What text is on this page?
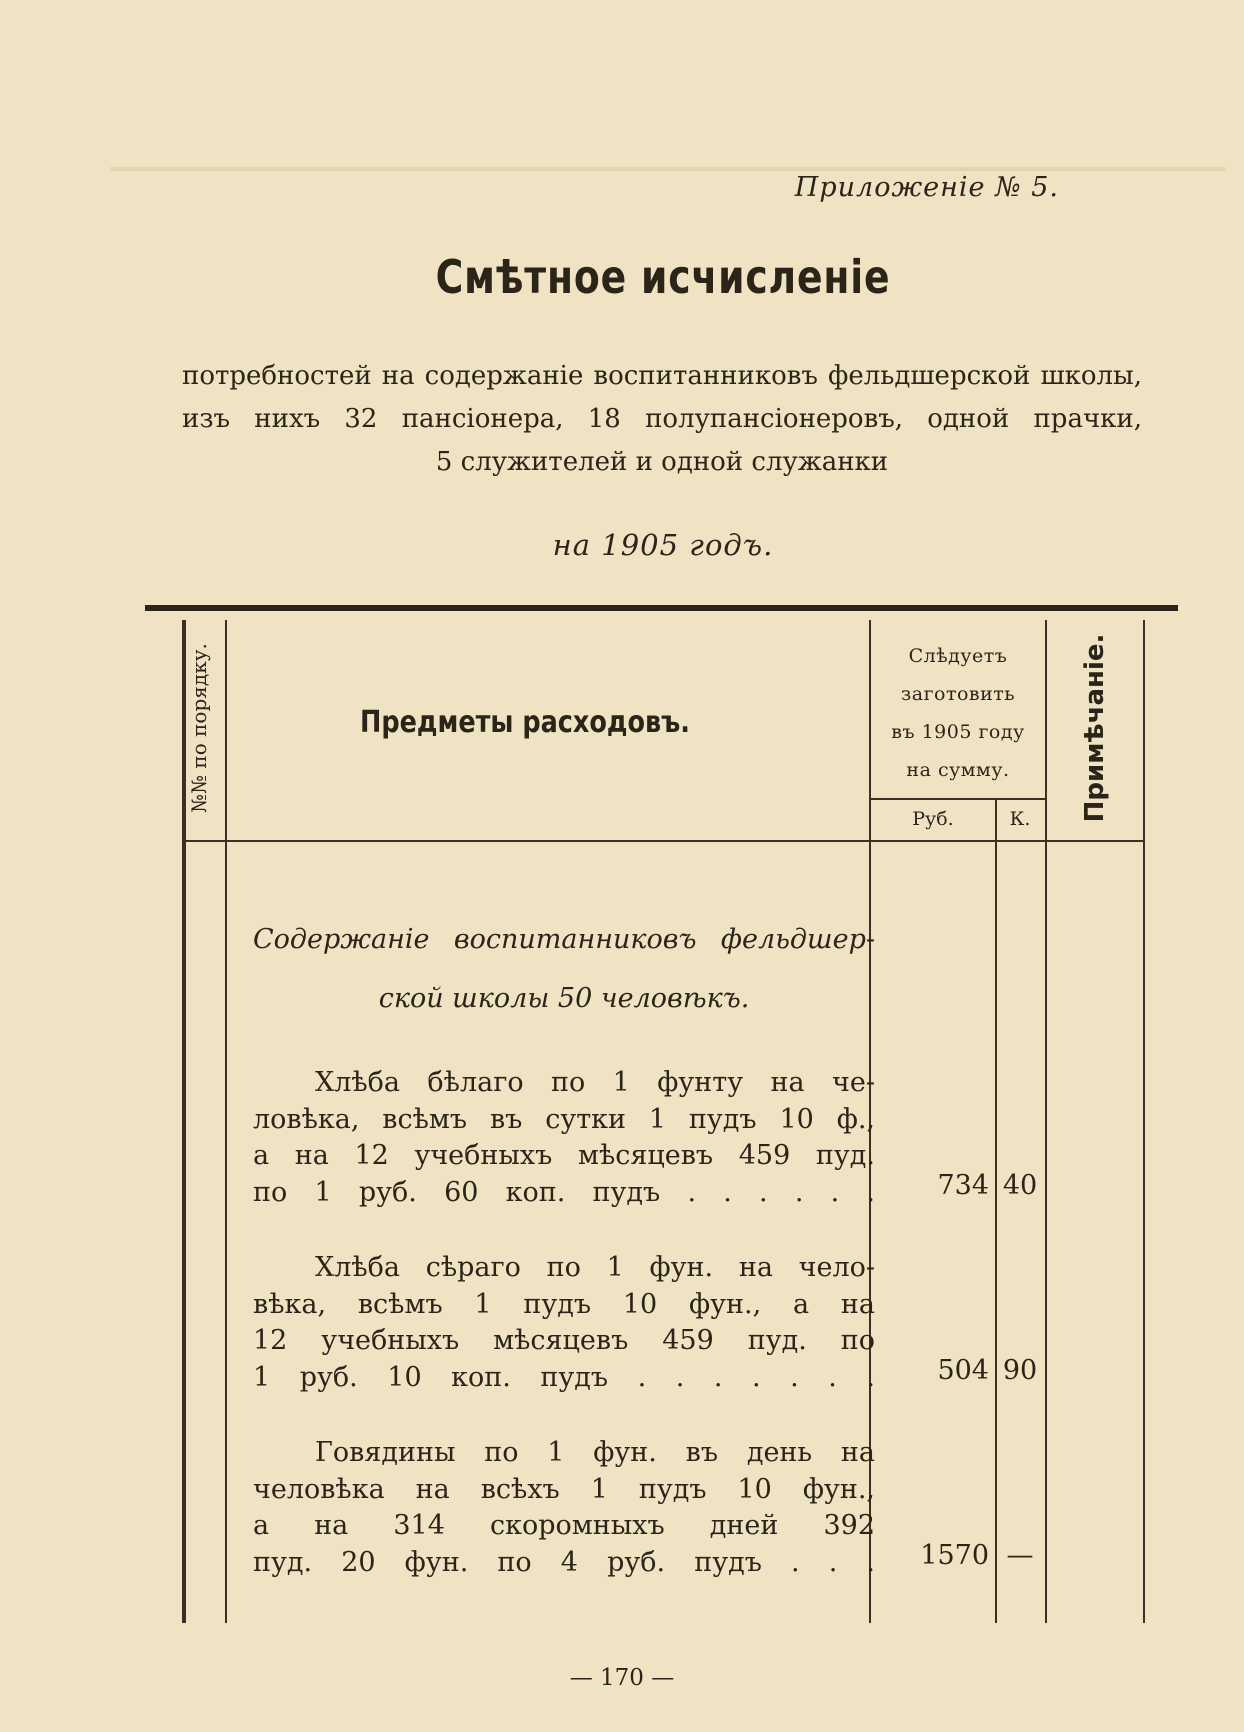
Приложеніе № 5.
Смѣтное исчисленіе
потребностей на содержаніе воспитанниковъ фельдшерской школы,
изъ нихъ 32 пансіонера, 18 полупансіонеровъ, одной прачки,
5 служителей и одной служанки
на 1905 годъ.
№№ по порядку.	Предметы расходовъ.
Слѣдуетъ
заготовить
въ 1905 году
на сумму.
Руб.	К.	Примѣчаніе.
Содержаніе воспитанниковъ фельдшер-
ской школы 50 человѣкъ.
Хлѣба бѣлаго по 1 фунту на че-
ловѣка, всѣмъ въ сутки 1 пудъ 10 ф.,
а на 12 учебныхъ мѣсяцевъ 459 пуд.
по 1 руб. 60 коп. пудъ . . . . . .	734 40
Хлѣба сѣраго по 1 фун. на чело-
вѣка, всѣмъ 1 пудъ 10 фун., а на
12 учебныхъ мѣсяцевъ 459 пуд. по
1 руб. 10 коп. пудъ . . . . . . .	504 90
Говядины по 1 фун. въ день на
человѣка на всѣхъ 1 пудъ 10 фун.,
а на 314 скоромныхъ дней 392
пуд. 20 фун. по 4 руб. пудъ . . .	1570 —
— 170 —
